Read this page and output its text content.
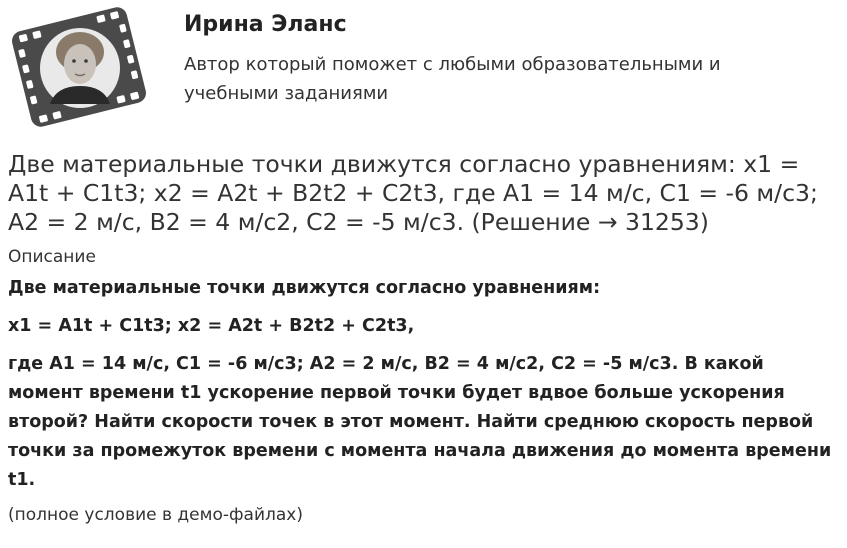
Ирина Эланс
Автор который поможет с любыми образовательными и учебными заданиями
Две материальные точки движутся согласно уравнениям: x1 = A1t + C1t3; x2 = A2t + B2t2 + C2t3, где A1 = 14 м/с, C1 = -6 м/с3; A2 = 2 м/с, B2 = 4 м/с2, C2 = -5 м/с3. (Решение → 31253)
Описание

Две материальные точки движутся согласно уравнениям:

x1 = A1t + C1t3; x2 = A2t + B2t2 + C2t3,

где A1 = 14 м/с, C1 = -6 м/с3; A2 = 2 м/с, B2 = 4 м/с2, C2 = -5 м/с3. В какой момент времени t1 ускорение первой точки будет вдвое больше ускорения второй? Найти скорости точек в этот момент. Найти среднюю скорость первой точки за промежуток времени с момента начала движения до момента времени t1.

(полное условие в демо-файлах)
